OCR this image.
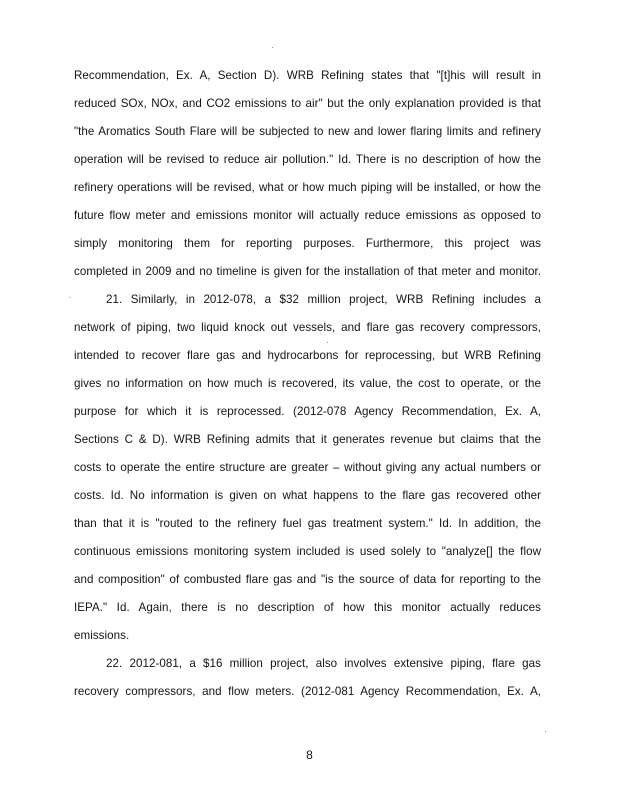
Recommendation, Ex. A, Section D). WRB Refining states that "[t]his will result in
reduced SOx, NOx, and CO2 emissions to air" but the only explanation provided is that
"the Aromatics South Flare will be subjected to new and lower flaring limits and refinery
operation will be revised to reduce air pollution." Id. There is no description of how the
refinery operations will be revised, what or how much piping will be installed, or how the
future flow meter and emissions monitor will actually reduce emissions as opposed to
simply monitoring them for reporting purposes. Furthermore, this project was
completed in 2009 and no timeline is given for the installation of that meter and monitor.
21. Similarly, in 2012-078, a $32 million project, WRB Refining includes a
network of piping, two liquid knock out vessels, and flare gas recovery compressors,
intended to recover flare gas and hydrocarbons for reprocessing, but WRB Refining
gives no information on how much is recovered, its value, the cost to operate, or the
purpose for which it is reprocessed. (2012-078 Agency Recommendation, Ex. A,
Sections C & D). WRB Refining admits that it generates revenue but claims that the
costs to operate the entire structure are greater – without giving any actual numbers or
costs. Id. No information is given on what happens to the flare gas recovered other
than that it is "routed to the refinery fuel gas treatment system." Id. In addition, the
continuous emissions monitoring system included is used solely to "analyze[] the flow
and composition" of combusted flare gas and "is the source of data for reporting to the
IEPA." Id. Again, there is no description of how this monitor actually reduces
emissions.
22. 2012-081, a $16 million project, also involves extensive piping, flare gas
recovery compressors, and flow meters. (2012-081 Agency Recommendation, Ex. A,
8
